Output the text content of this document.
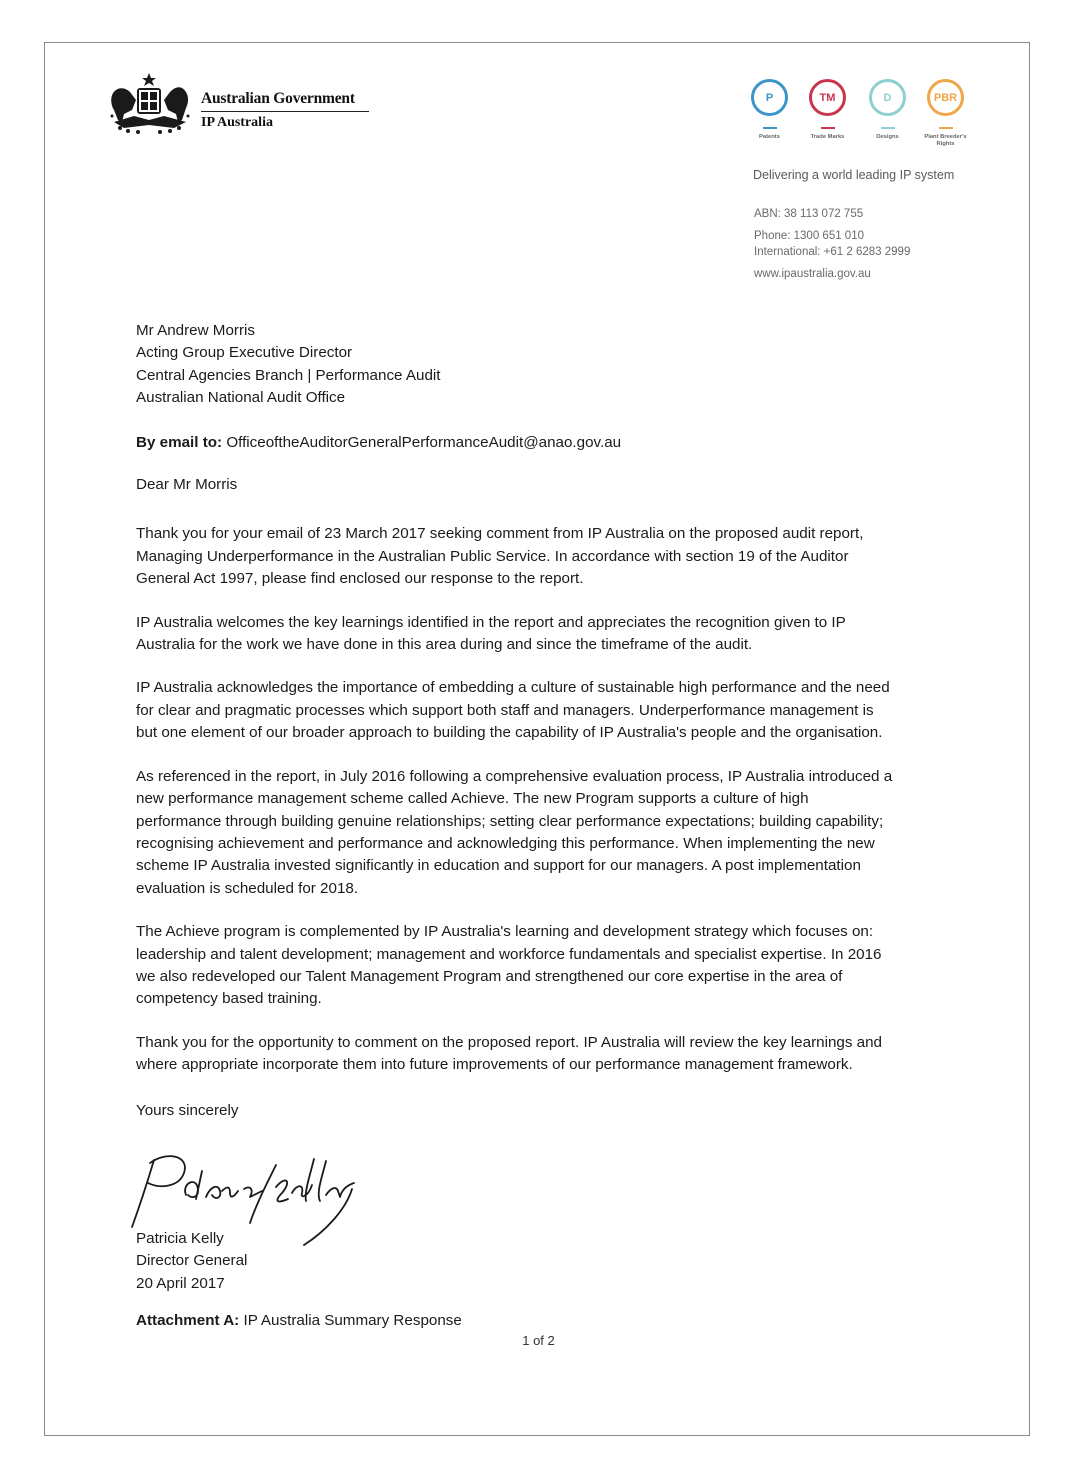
Australian Government
IP Australia
P
Patents
TM
Trade Marks
D
Designs
PBR
Plant Breeder's Rights
Delivering a world leading IP system
ABN: 38 113 072 755
Phone: 1300 651 010
International: +61 2 6283 2999
www.ipaustralia.gov.au

Mr Andrew Morris
Acting Group Executive Director
Central Agencies Branch | Performance Audit
Australian National Audit Office

By email to: OfficeoftheAuditorGeneralPerformanceAudit@anao.gov.au

Dear Mr Morris

Thank you for your email of 23 March 2017 seeking comment from IP Australia on the proposed audit report, Managing Underperformance in the Australian Public Service. In accordance with section 19 of the Auditor General Act 1997, please find enclosed our response to the report.

IP Australia welcomes the key learnings identified in the report and appreciates the recognition given to IP Australia for the work we have done in this area during and since the timeframe of the audit.

IP Australia acknowledges the importance of embedding a culture of sustainable high performance and the need for clear and pragmatic processes which support both staff and managers. Underperformance management is but one element of our broader approach to building the capability of IP Australia's people and the organisation.

As referenced in the report, in July 2016 following a comprehensive evaluation process, IP Australia introduced a new performance management scheme called Achieve. The new Program supports a culture of high performance through building genuine relationships; setting clear performance expectations; building capability; recognising achievement and performance and acknowledging this performance. When implementing the new scheme IP Australia invested significantly in education and support for our managers. A post implementation evaluation is scheduled for 2018.

The Achieve program is complemented by IP Australia's learning and development strategy which focuses on: leadership and talent development; management and workforce fundamentals and specialist expertise. In 2016 we also redeveloped our Talent Management Program and strengthened our core expertise in the area of competency based training.

Thank you for the opportunity to comment on the proposed report. IP Australia will review the key learnings and where appropriate incorporate them into future improvements of our performance management framework.

Yours sincerely

Patricia Kelly
Director General
20 April 2017
Attachment A: IP Australia Summary Response
1 of 2
